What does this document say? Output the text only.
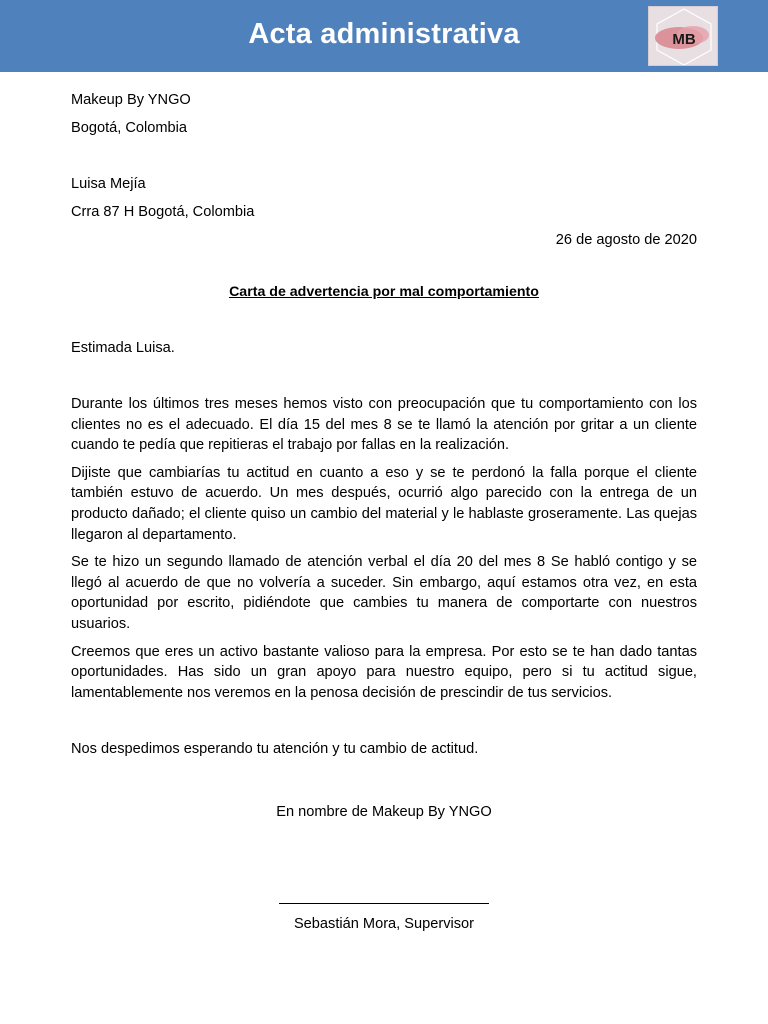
Acta administrativa	MB
Makeup By YNGO
Bogotá, Colombia
Luisa Mejía
Crra 87 H Bogotá, Colombia
26 de agosto de 2020
Carta de advertencia por mal comportamiento
Estimada Luisa.

Durante los últimos tres meses hemos visto con preocupación que tu comportamiento con los clientes no es el adecuado. El día 15 del mes 8 se te llamó la atención por gritar a un cliente cuando te pedía que repitieras el trabajo por fallas en la realización.

Dijiste que cambiarías tu actitud en cuanto a eso y se te perdonó la falla porque el cliente también estuvo de acuerdo. Un mes después, ocurrió algo parecido con la entrega de un producto dañado; el cliente quiso un cambio del material y le hablaste groseramente. Las quejas llegaron al departamento.

Se te hizo un segundo llamado de atención verbal el día 20 del mes 8 Se habló contigo y se llegó al acuerdo de que no volvería a suceder. Sin embargo, aquí estamos otra vez, en esta oportunidad por escrito, pidiéndote que cambies tu manera de comportarte con nuestros usuarios.

Creemos que eres un activo bastante valioso para la empresa. Por esto se te han dado tantas oportunidades. Has sido un gran apoyo para nuestro equipo, pero si tu actitud sigue, lamentablemente nos veremos en la penosa decisión de prescindir de tus servicios.

Nos despedimos esperando tu atención y tu cambio de actitud.
En nombre de Makeup By YNGO
Sebastián Mora, Supervisor
